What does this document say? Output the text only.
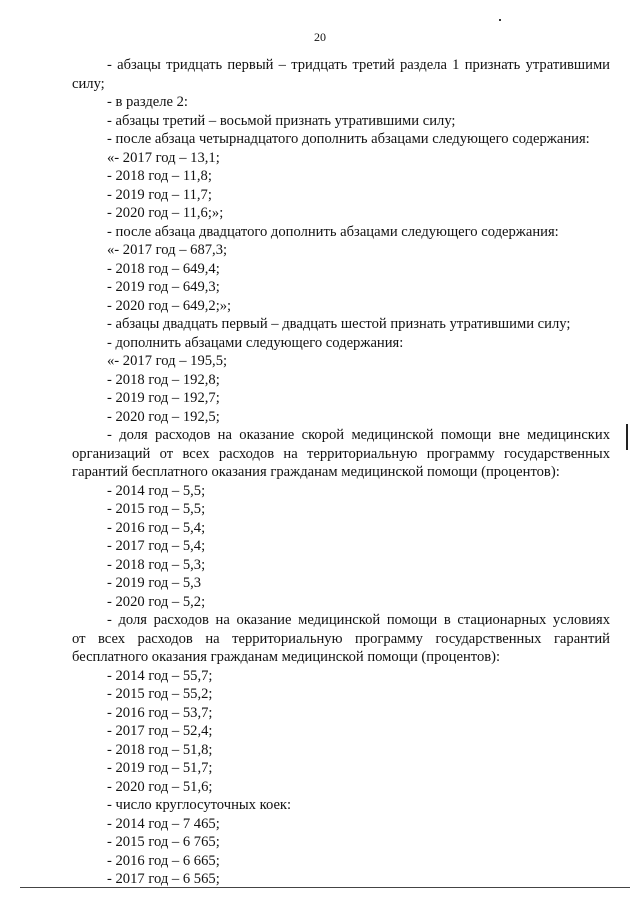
20

- абзацы тридцать первый – тридцать третий раздела 1 признать утратившими

силу;

- в разделе 2:

- абзацы третий – восьмой признать утратившими силу;

- после абзаца четырнадцатого дополнить абзацами следующего содержания:

«- 2017 год – 13,1;

- 2018 год – 11,8;

- 2019 год – 11,7;

- 2020 год – 11,6;»;

- после абзаца двадцатого дополнить абзацами следующего содержания:

«- 2017 год – 687,3;

- 2018 год – 649,4;

- 2019 год – 649,3;

- 2020 год – 649,2;»;

- абзацы двадцать первый – двадцать шестой признать утратившими силу;

- дополнить абзацами следующего содержания:

«- 2017 год – 195,5;

- 2018 год – 192,8;

- 2019 год – 192,7;

- 2020 год – 192,5;

- доля расходов на оказание скорой медицинской помощи вне медицинских

организаций от всех расходов на территориальную программу государственных

гарантий бесплатного оказания гражданам медицинской помощи (процентов):

- 2014 год – 5,5;

- 2015 год – 5,5;

- 2016 год – 5,4;

- 2017 год – 5,4;

- 2018 год – 5,3;

- 2019 год – 5,3

- 2020 год – 5,2;

- доля расходов на оказание медицинской помощи в стационарных условиях

от всех расходов на территориальную программу государственных гарантий

бесплатного оказания гражданам медицинской помощи (процентов):

- 2014 год – 55,7;

- 2015 год – 55,2;

- 2016 год – 53,7;

- 2017 год – 52,4;

- 2018 год – 51,8;

- 2019 год – 51,7;

- 2020 год – 51,6;

- число круглосуточных коек:

- 2014 год – 7 465;

- 2015 год – 6 765;

- 2016 год – 6 665;

- 2017 год – 6 565;
